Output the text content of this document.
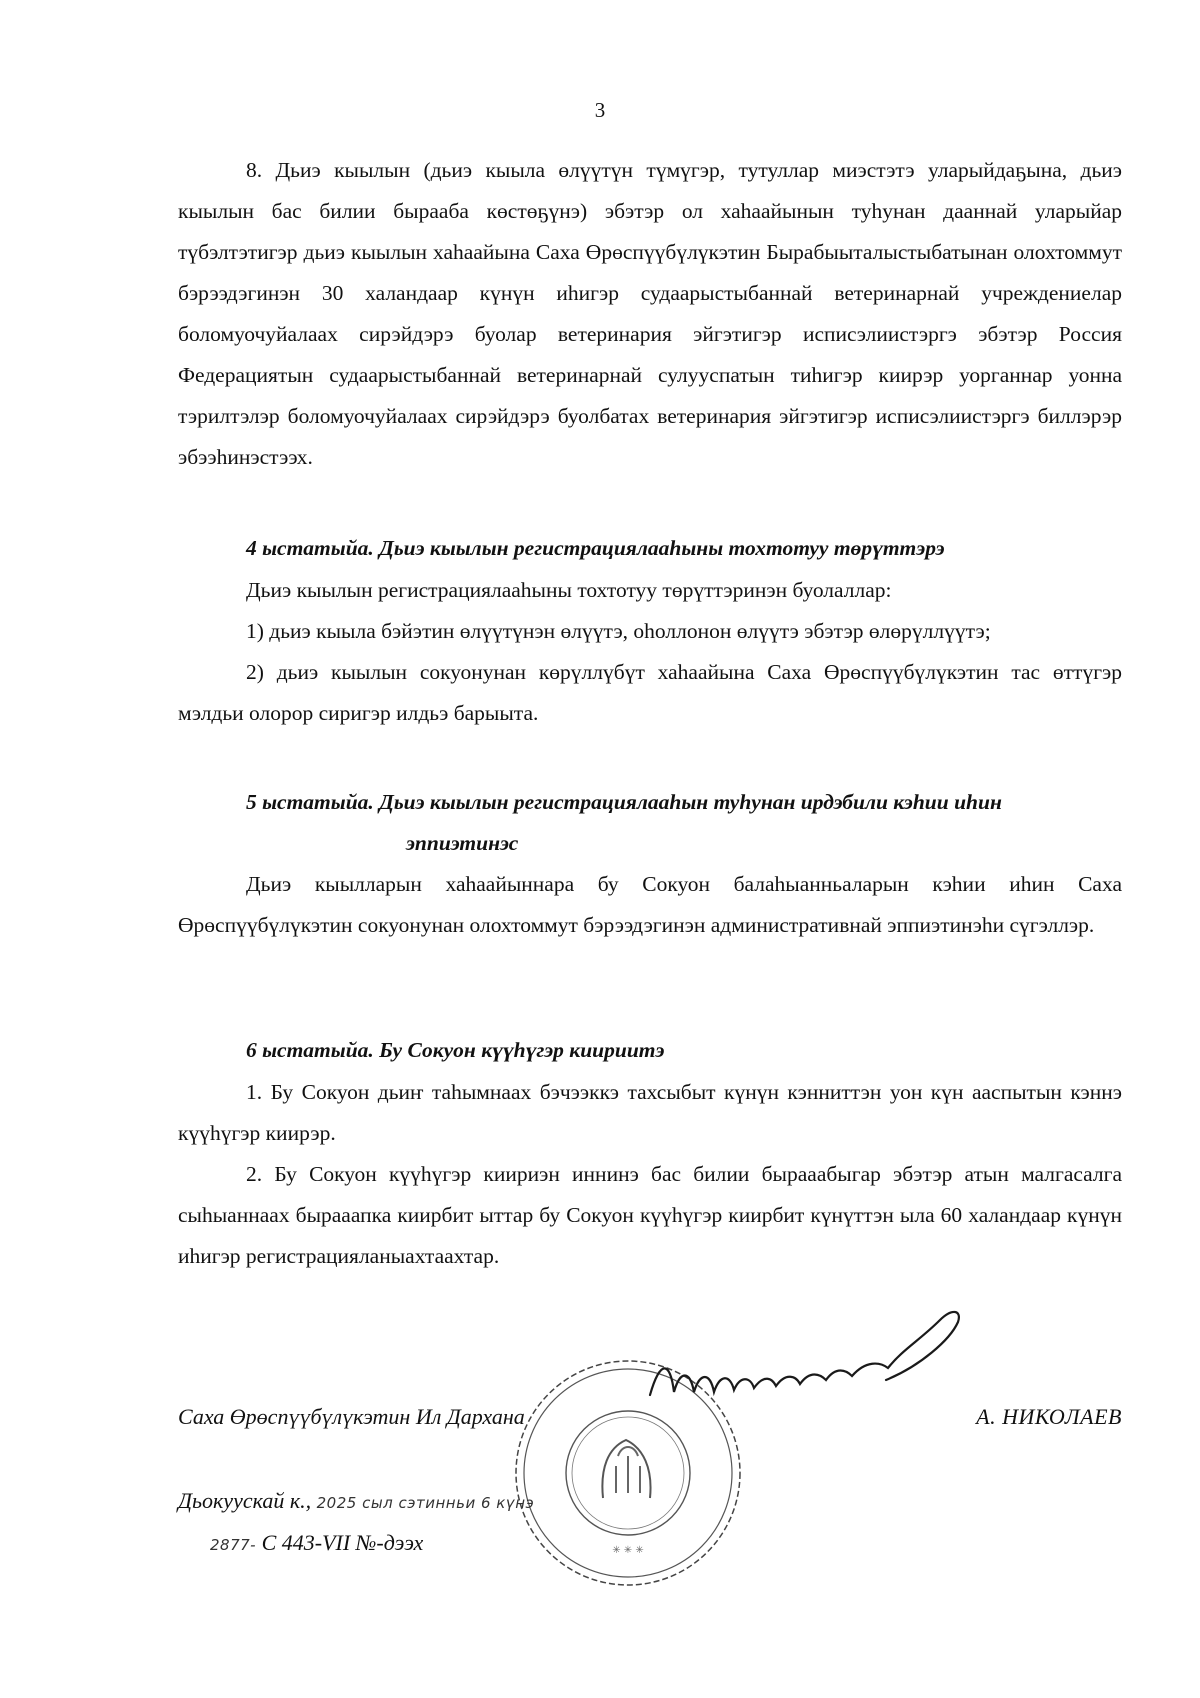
3

8. Дьиэ кыылын (дьиэ кыыла өлүүтүн түмүгэр, тутуллар миэстэтэ уларыйдаҕына, дьиэ кыылын бас билии бырааба көстөҕүнэ) эбэтэр ол хаһаайынын туһунан дааннай уларыйар түбэлтэтигэр дьиэ кыылын хаһаайына Саха Өрөспүүбүлүкэтин Бырабыыталыстыбатынан олохтоммут бэрээдэгинэн 30 халандаар күнүн иһигэр судаарыстыбаннай ветеринарнай учреждениелар боломуочуйалаах сирэйдэрэ буолар ветеринария эйгэтигэр исписэлиистэргэ эбэтэр Россия Федерациятын судаарыстыбаннай ветеринарнай сулууспатын тиһигэр киирэр уорганнар уонна тэрилтэлэр боломуочуйалаах сирэйдэрэ буолбатах ветеринария эйгэтигэр исписэлиистэргэ биллэрэр эбээһинэстээх.

4 ыстатыйа. Дьиэ кыылын регистрациялааһыны тохтотуу төрүттэрэ

Дьиэ кыылын регистрациялааһыны тохтотуу төрүттэринэн буолаллар:

1) дьиэ кыыла бэйэтин өлүүтүнэн өлүүтэ, оһоллонон өлүүтэ эбэтэр өлөрүллүүтэ;

2) дьиэ кыылын сокуонунан көрүллүбүт хаһаайына Саха Өрөспүүбүлүкэтин тас өттүгэр мэлдьи олорор сиригэр илдьэ барыыта.

5 ыстатыйа. Дьиэ кыылын регистрациялааһын туһунан ирдэбили кэһии иһин
эппиэтинэс

Дьиэ кыылларын хаһаайыннара бу Сокуон балаһыанньаларын кэһии иһин Саха Өрөспүүбүлүкэтин сокуонунан олохтоммут бэрээдэгинэн административнай эппиэтинэһи сүгэллэр.

6 ыстатыйа. Бу Сокуон күүһүгэр киириитэ

1. Бу Сокуон дьиҥ таһымнаах бэчээккэ тахсыбыт күнүн кэнниттэн уон күн ааспытын кэннэ күүһүгэр киирэр.

2. Бу Сокуон күүһүгэр киириэн иннинэ бас билии бырааабыгар эбэтэр атын малгасалга сыһыаннаах бырааапка киирбит ыттар бу Сокуон күүһүгэр киирбит күнүттэн ыла 60 халандаар күнүн иһигэр регистрацияланыахтаахтар.

✳ ✳ ✳
Саха Өрөспүүбүлүкэтин Ил Дархана	А. НИКОЛАЕВ
Дьокуускай к., 2025 сыл сэтинньи 6 күнэ
2877- С 443-VII №-дээх
